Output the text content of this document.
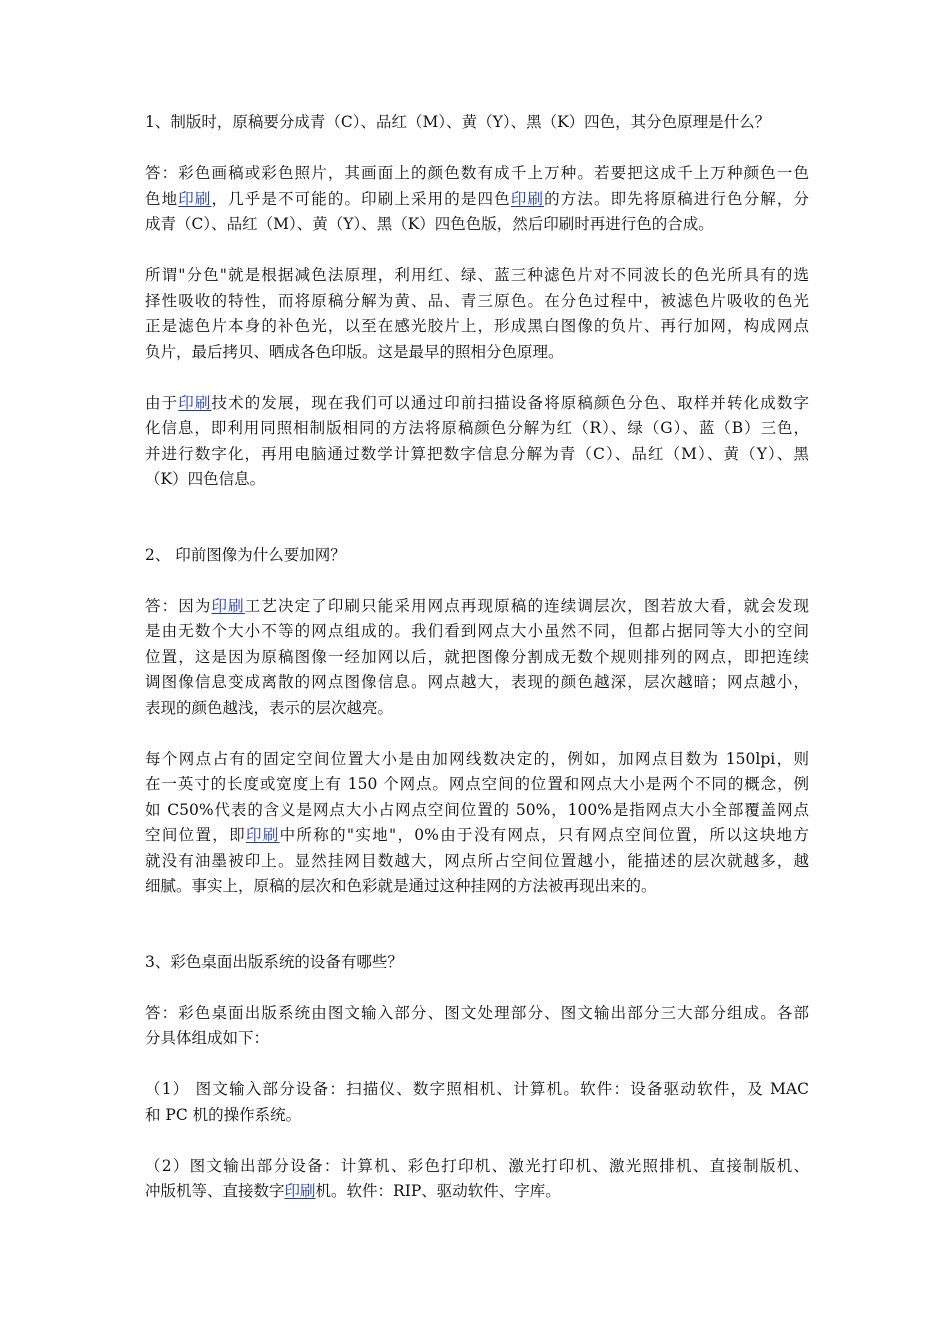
1、制版时，原稿要分成青（C）、品红（M）、黄（Y）、黑（K）四色，其分色原理是什么？
答：彩色画稿或彩色照片，其画面上的颜色数有成千上万种。若要把这成千上万种颜色一色
色地印刷，几乎是不可能的。印刷上采用的是四色印刷的方法。即先将原稿进行色分解，分
成青（C）、品红（M）、黄（Y）、黑（K）四色色版，然后印刷时再进行色的合成。
所谓"分色"就是根据减色法原理，利用红、绿、蓝三种滤色片对不同波长的色光所具有的选
择性吸收的特性，而将原稿分解为黄、品、青三原色。在分色过程中，被滤色片吸收的色光
正是滤色片本身的补色光，以至在感光胶片上，形成黑白图像的负片、再行加网，构成网点
负片，最后拷贝、晒成各色印版。这是最早的照相分色原理。
由于印刷技术的发展，现在我们可以通过印前扫描设备将原稿颜色分色、取样并转化成数字
化信息，即利用同照相制版相同的方法将原稿颜色分解为红（R）、绿（G）、蓝（B）三色，
并进行数字化，再用电脑通过数学计算把数字信息分解为青（C）、品红（M）、黄（Y）、黑
（K）四色信息。
2、 印前图像为什么要加网？
答：因为印刷工艺决定了印刷只能采用网点再现原稿的连续调层次，图若放大看，就会发现
是由无数个大小不等的网点组成的。我们看到网点大小虽然不同，但都占据同等大小的空间
位置，这是因为原稿图像一经加网以后，就把图像分割成无数个规则排列的网点，即把连续
调图像信息变成离散的网点图像信息。网点越大，表现的颜色越深，层次越暗；网点越小，
表现的颜色越浅，表示的层次越亮。
每个网点占有的固定空间位置大小是由加网线数决定的，例如，加网点目数为 150lpi，则
在一英寸的长度或宽度上有 150 个网点。网点空间的位置和网点大小是两个不同的概念，例
如 C50%代表的含义是网点大小占网点空间位置的 50%，100%是指网点大小全部覆盖网点
空间位置，即印刷中所称的"实地"，0%由于没有网点，只有网点空间位置，所以这块地方
就没有油墨被印上。显然挂网目数越大，网点所占空间位置越小，能描述的层次就越多，越
细腻。事实上，原稿的层次和色彩就是通过这种挂网的方法被再现出来的。
3、彩色桌面出版系统的设备有哪些？
答：彩色桌面出版系统由图文输入部分、图文处理部分、图文输出部分三大部分组成。各部
分具体组成如下：
（1） 图文输入部分设备：扫描仪、数字照相机、计算机。软件：设备驱动软件，及 MAC
和 PC 机的操作系统。
（2）图文输出部分设备：计算机、彩色打印机、激光打印机、激光照排机、直接制版机、
冲版机等、直接数字印刷机。软件：RIP、驱动软件、字库。
